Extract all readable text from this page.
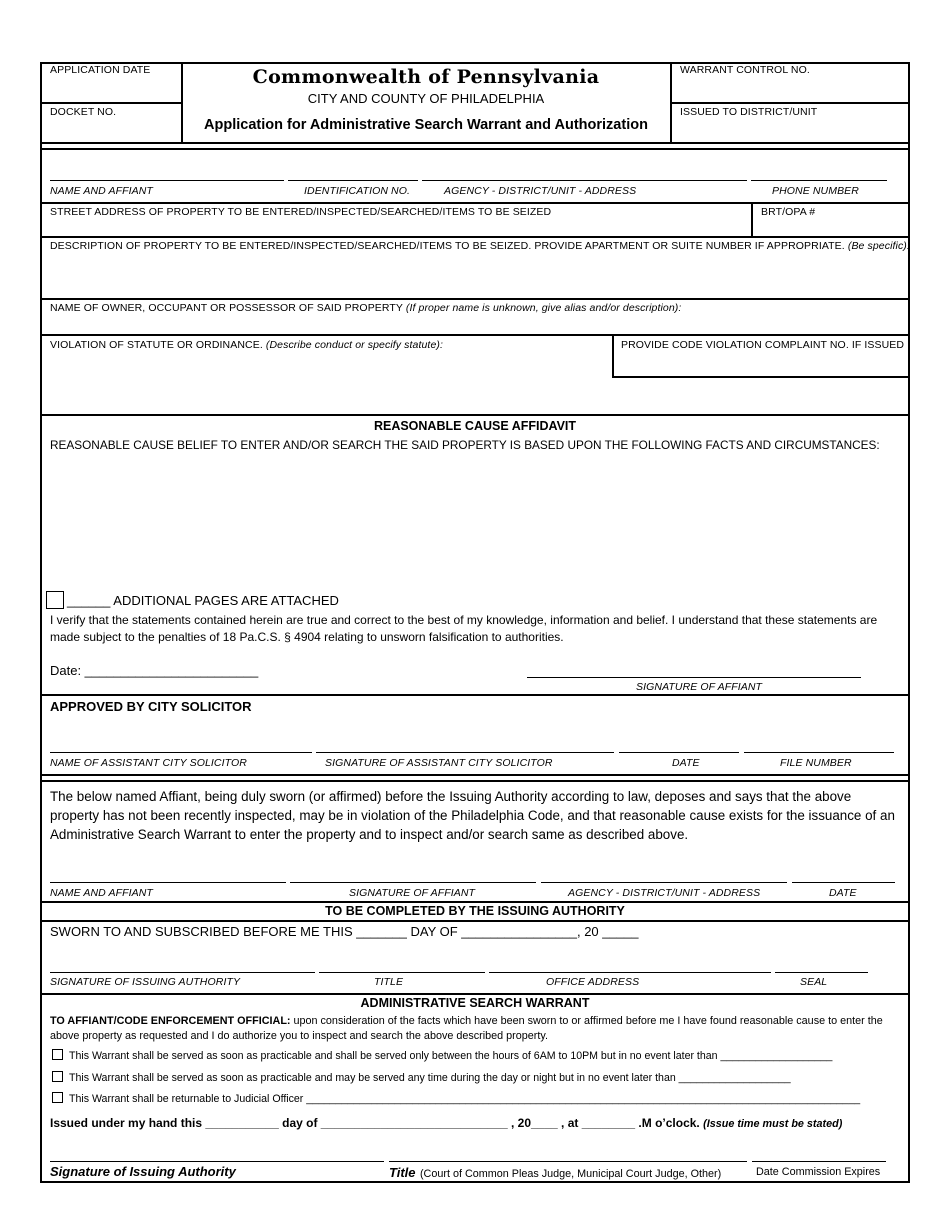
APPLICATION DATE
DOCKET NO.
Commonwealth of Pennsylvania
CITY AND COUNTY OF PHILADELPHIA
Application for Administrative Search Warrant and Authorization
WARRANT CONTROL NO.
ISSUED TO DISTRICT/UNIT
NAME AND AFFIANT	IDENTIFICATION NO.	AGENCY - DISTRICT/UNIT - ADDRESS	PHONE NUMBER
STREET ADDRESS OF PROPERTY TO BE ENTERED/INSPECTED/SEARCHED/ITEMS TO BE SEIZED	BRT/OPA #
DESCRIPTION OF PROPERTY TO BE ENTERED/INSPECTED/SEARCHED/ITEMS TO BE SEIZED. PROVIDE APARTMENT OR SUITE NUMBER IF APPROPRIATE. (Be specific):
NAME OF OWNER, OCCUPANT OR POSSESSOR OF SAID PROPERTY (If proper name is unknown, give alias and/or description):
VIOLATION OF STATUTE OR ORDINANCE. (Describe conduct or specify statute):	PROVIDE CODE VIOLATION COMPLAINT NO. IF ISSUED
REASONABLE CAUSE AFFIDAVIT
REASONABLE CAUSE BELIEF TO ENTER AND/OR SEARCH THE SAID PROPERTY IS BASED UPON THE FOLLOWING FACTS AND CIRCUMSTANCES:
______ ADDITIONAL PAGES ARE ATTACHED
I verify that the statements contained herein are true and correct to the best of my knowledge, information and belief. I understand that these statements are made subject to the penalties of 18 Pa.C.S. § 4904 relating to unsworn falsification to authorities.
Date: ________________________
SIGNATURE OF AFFIANT
APPROVED BY CITY SOLICITOR
NAME OF ASSISTANT CITY SOLICITOR	SIGNATURE OF ASSISTANT CITY SOLICITOR	DATE	FILE NUMBER
The below named Affiant, being duly sworn (or affirmed) before the Issuing Authority according to law, deposes and says that the above property has not been recently inspected, may be in violation of the Philadelphia Code, and that reasonable cause exists for the issuance of an Administrative Search Warrant to enter the property and to inspect and/or search same as described above.
NAME AND AFFIANT	SIGNATURE OF AFFIANT	AGENCY - DISTRICT/UNIT - ADDRESS	DATE
TO BE COMPLETED BY THE ISSUING AUTHORITY
SWORN TO AND SUBSCRIBED BEFORE ME THIS _______ DAY OF ________________, 20 _____
SIGNATURE OF ISSUING AUTHORITY	TITLE	OFFICE ADDRESS	SEAL
ADMINISTRATIVE SEARCH WARRANT
TO AFFIANT/CODE ENFORCEMENT OFFICIAL: upon consideration of the facts which have been sworn to or affirmed before me I have found reasonable cause to enter the above property as requested and I do authorize you to inspect and search the above described property.
This Warrant shall be served as soon as practicable and shall be served only between the hours of 6AM to 10PM but in no event later than ___________________
This Warrant shall be served as soon as practicable and may be served any time during the day or night but in no event later than ___________________
This Warrant shall be returnable to Judicial Officer ______________________________________________________________________________________________
Issued under my hand this ___________ day of ____________________________ , 20____ , at ________ .M o’clock. (Issue time must be stated)
Signature of Issuing Authority	Title (Court of Common Pleas Judge, Municipal Court Judge, Other)	Date Commission Expires
